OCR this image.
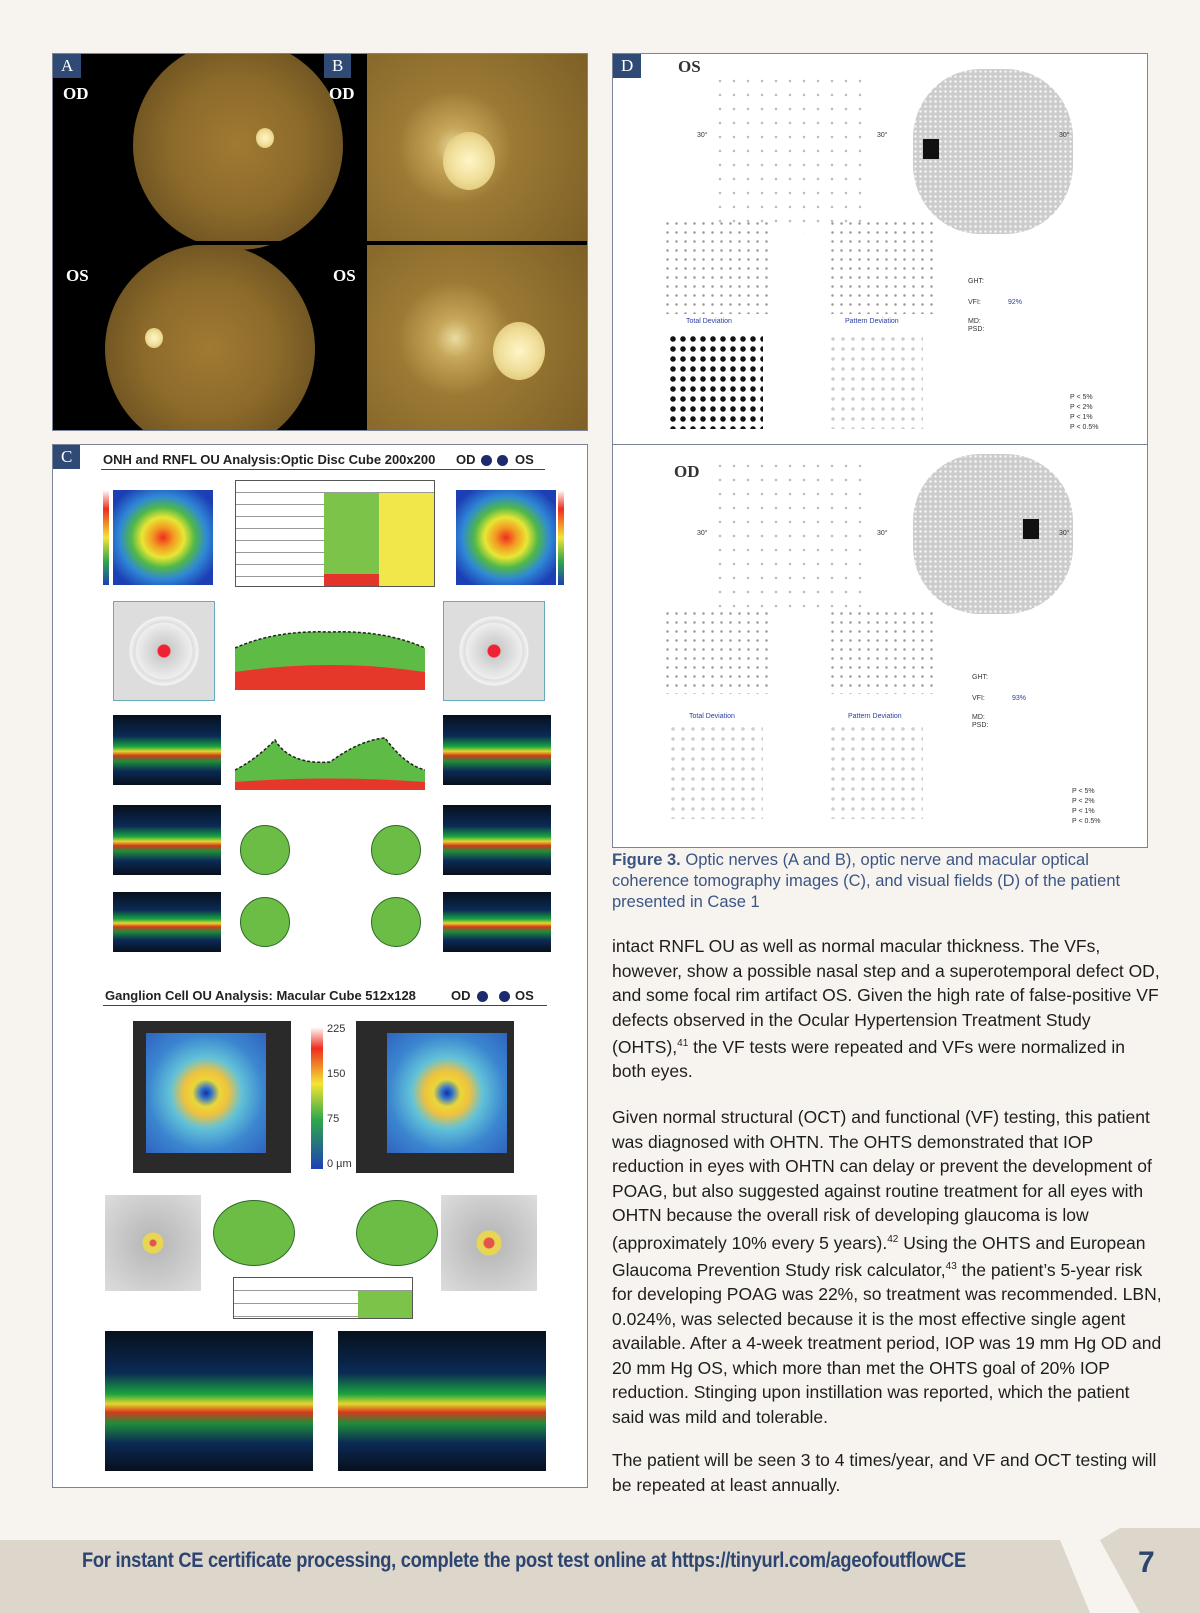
A	B
OD	OD
OS	OS
ONH and RNFL OU Analysis:Optic Disc Cube 200x200 OD	OS
Ganglion Cell OU Analysis: Macular Cube 512x128	OD	OS
225
150
75
0 µm
C
D	OS
OD
30°	30°	30°
30°	30°	30°
GHT:
VFI:	92%
MD:
PSD:
Total Deviation	Pattern Deviation
P < 5%
P < 2%
P < 1%
P < 0.5%
GHT:
VFI:	93%
MD:
PSD:
Total Deviation	Pattern Deviation
P < 5%
P < 2%
P < 1%
P < 0.5%
Figure 3. Optic nerves (A and B), optic nerve and macular optical coherence tomography images (C), and visual fields (D) of the patient presented in Case 1
intact RNFL OU as well as normal macular thickness. The VFs, however, show a possible nasal step and a superotemporal defect OD, and some focal rim artifact OS. Given the high rate of false-positive VF defects observed in the Ocular Hypertension Treatment Study (OHTS),$^{41}$ the VF tests were repeated and VFs were normalized in both eyes.
Given normal structural (OCT) and functional (VF) testing, this patient was diagnosed with OHTN. The OHTS demonstrated that IOP reduction in eyes with OHTN can delay or prevent the development of POAG, but also suggested against routine treatment for all eyes with OHTN because the overall risk of developing glaucoma is low (approximately 10% every 5 years).$^{42}$ Using the OHTS and European Glaucoma Prevention Study risk calculator,$^{43}$ the patient’s 5-year risk for developing POAG was 22%, so treatment was recommended. LBN, 0.024%, was selected because it is the most effective single agent available. After a 4-week treatment period, IOP was 19 mm Hg OD and 20 mm Hg OS, which more than met the OHTS goal of 20% IOP reduction. Stinging upon instillation was reported, which the patient said was mild and tolerable.
The patient will be seen 3 to 4 times/year, and VF and OCT testing will be repeated at least annually.
For instant CE certificate processing, complete the post test online at https://tinyurl.com/ageofoutflowCE	7
